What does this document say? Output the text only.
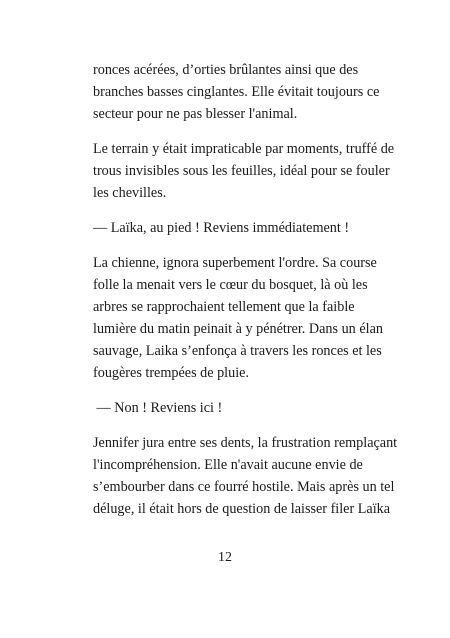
ronces acérées, d’orties brûlantes ainsi que des
branches basses cinglantes. Elle évitait toujours ce
secteur pour ne pas blesser l'animal.

Le terrain y était impraticable par moments, truffé de
trous invisibles sous les feuilles, idéal pour se fouler
les chevilles.

— Laïka, au pied ! Reviens immédiatement !

La chienne, ignora superbement l'ordre. Sa course
folle la menait vers le cœur du bosquet, là où les
arbres se rapprochaient tellement que la faible
lumière du matin peinait à y pénétrer. Dans un élan
sauvage, Laika s’enfonça à travers les ronces et les
fougères trempées de pluie.

— Non ! Reviens ici !

Jennifer jura entre ses dents, la frustration remplaçant
l'incompréhension. Elle n'avait aucune envie de
s’embourber dans ce fourré hostile. Mais après un tel
déluge, il était hors de question de laisser filer Laïka

12
